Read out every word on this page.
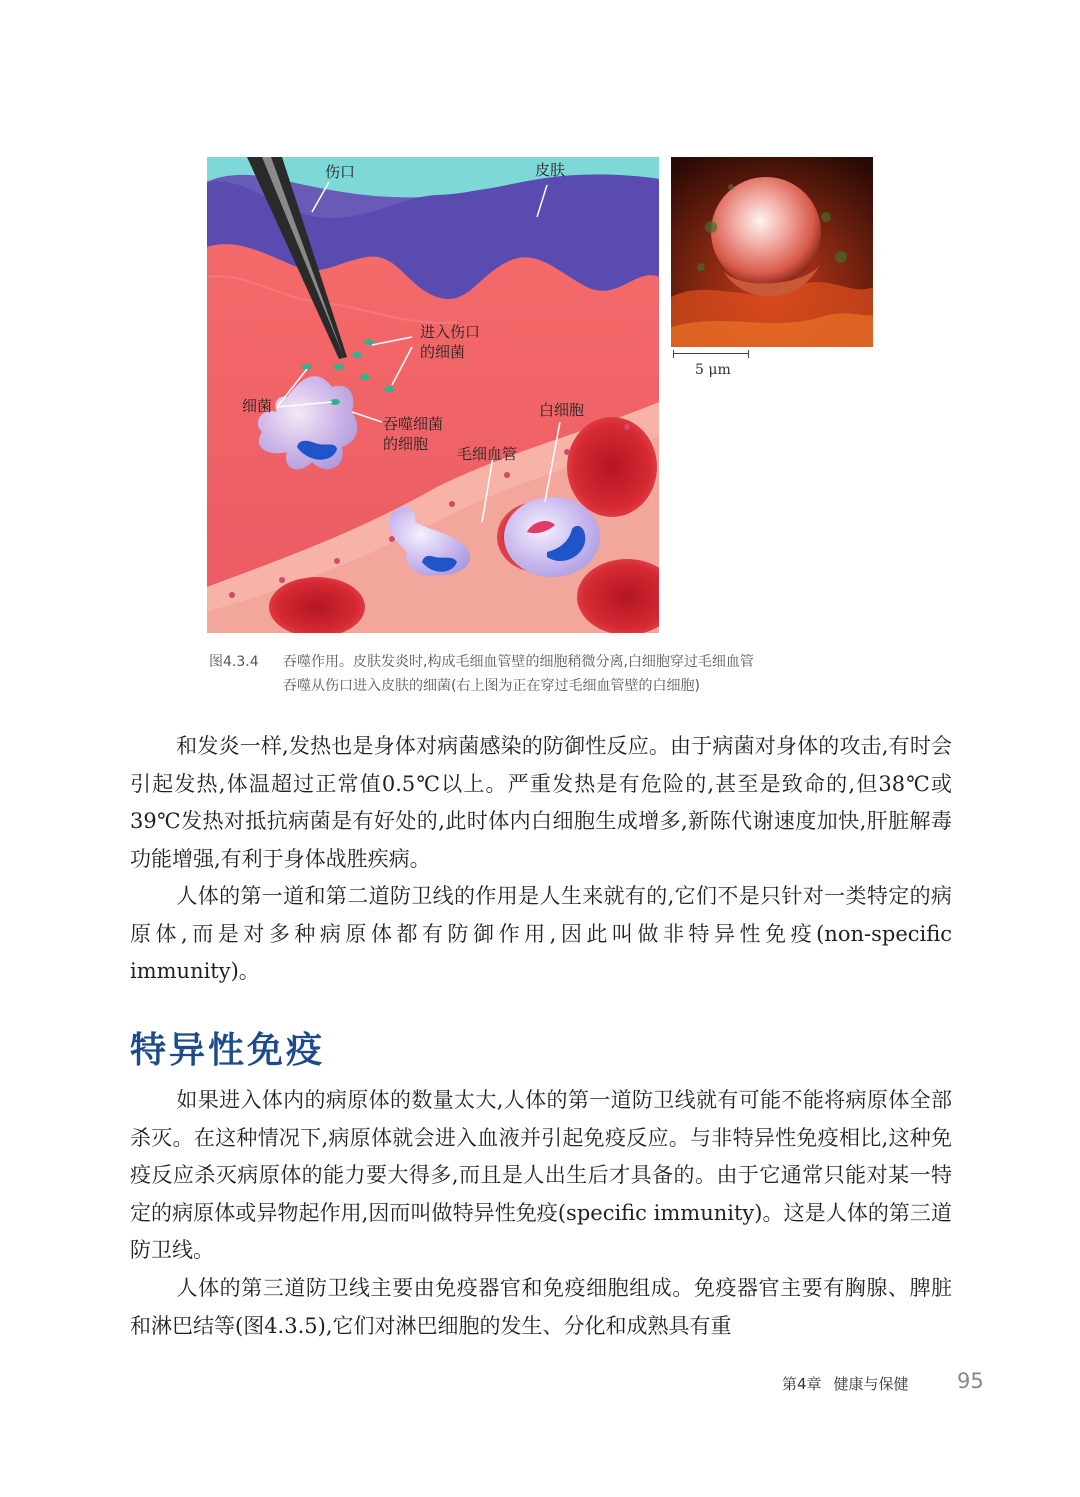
伤口	皮肤
进入伤口
的细菌
细菌
吞噬细菌
的细胞
白细胞
毛细血管
5 μm
图4.3.4 吞噬作用。皮肤发炎时,构成毛细血管壁的细胞稍微分离,白细胞穿过毛细血管
吞噬从伤口进入皮肤的细菌(右上图为正在穿过毛细血管壁的白细胞)

和发炎一样,发热也是身体对病菌感染的防御性反应。由于病菌对身体的攻击,有时会引起发热,体温超过正常值0.5℃以上。严重发热是有危险的,甚至是致命的,但38℃或39℃发热对抵抗病菌是有好处的,此时体内白细胞生成增多,新陈代谢速度加快,肝脏解毒功能增强,有利于身体战胜疾病。

人体的第一道和第二道防卫线的作用是人生来就有的,它们不是只针对一类特定的病原体,而是对多种病原体都有防御作用,因此叫做非特异性免疫(non-specific immunity)。

特异性免疫

如果进入体内的病原体的数量太大,人体的第一道防卫线就有可能不能将病原体全部杀灭。在这种情况下,病原体就会进入血液并引起免疫反应。与非特异性免疫相比,这种免疫反应杀灭病原体的能力要大得多,而且是人出生后才具备的。由于它通常只能对某一特定的病原体或异物起作用,因而叫做特异性免疫(specific immunity)。这是人体的第三道防卫线。

人体的第三道防卫线主要由免疫器官和免疫细胞组成。免疫器官主要有胸腺、脾脏和淋巴结等(图4.3.5),它们对淋巴细胞的发生、分化和成熟具有重

第4章 健康与保健	95
